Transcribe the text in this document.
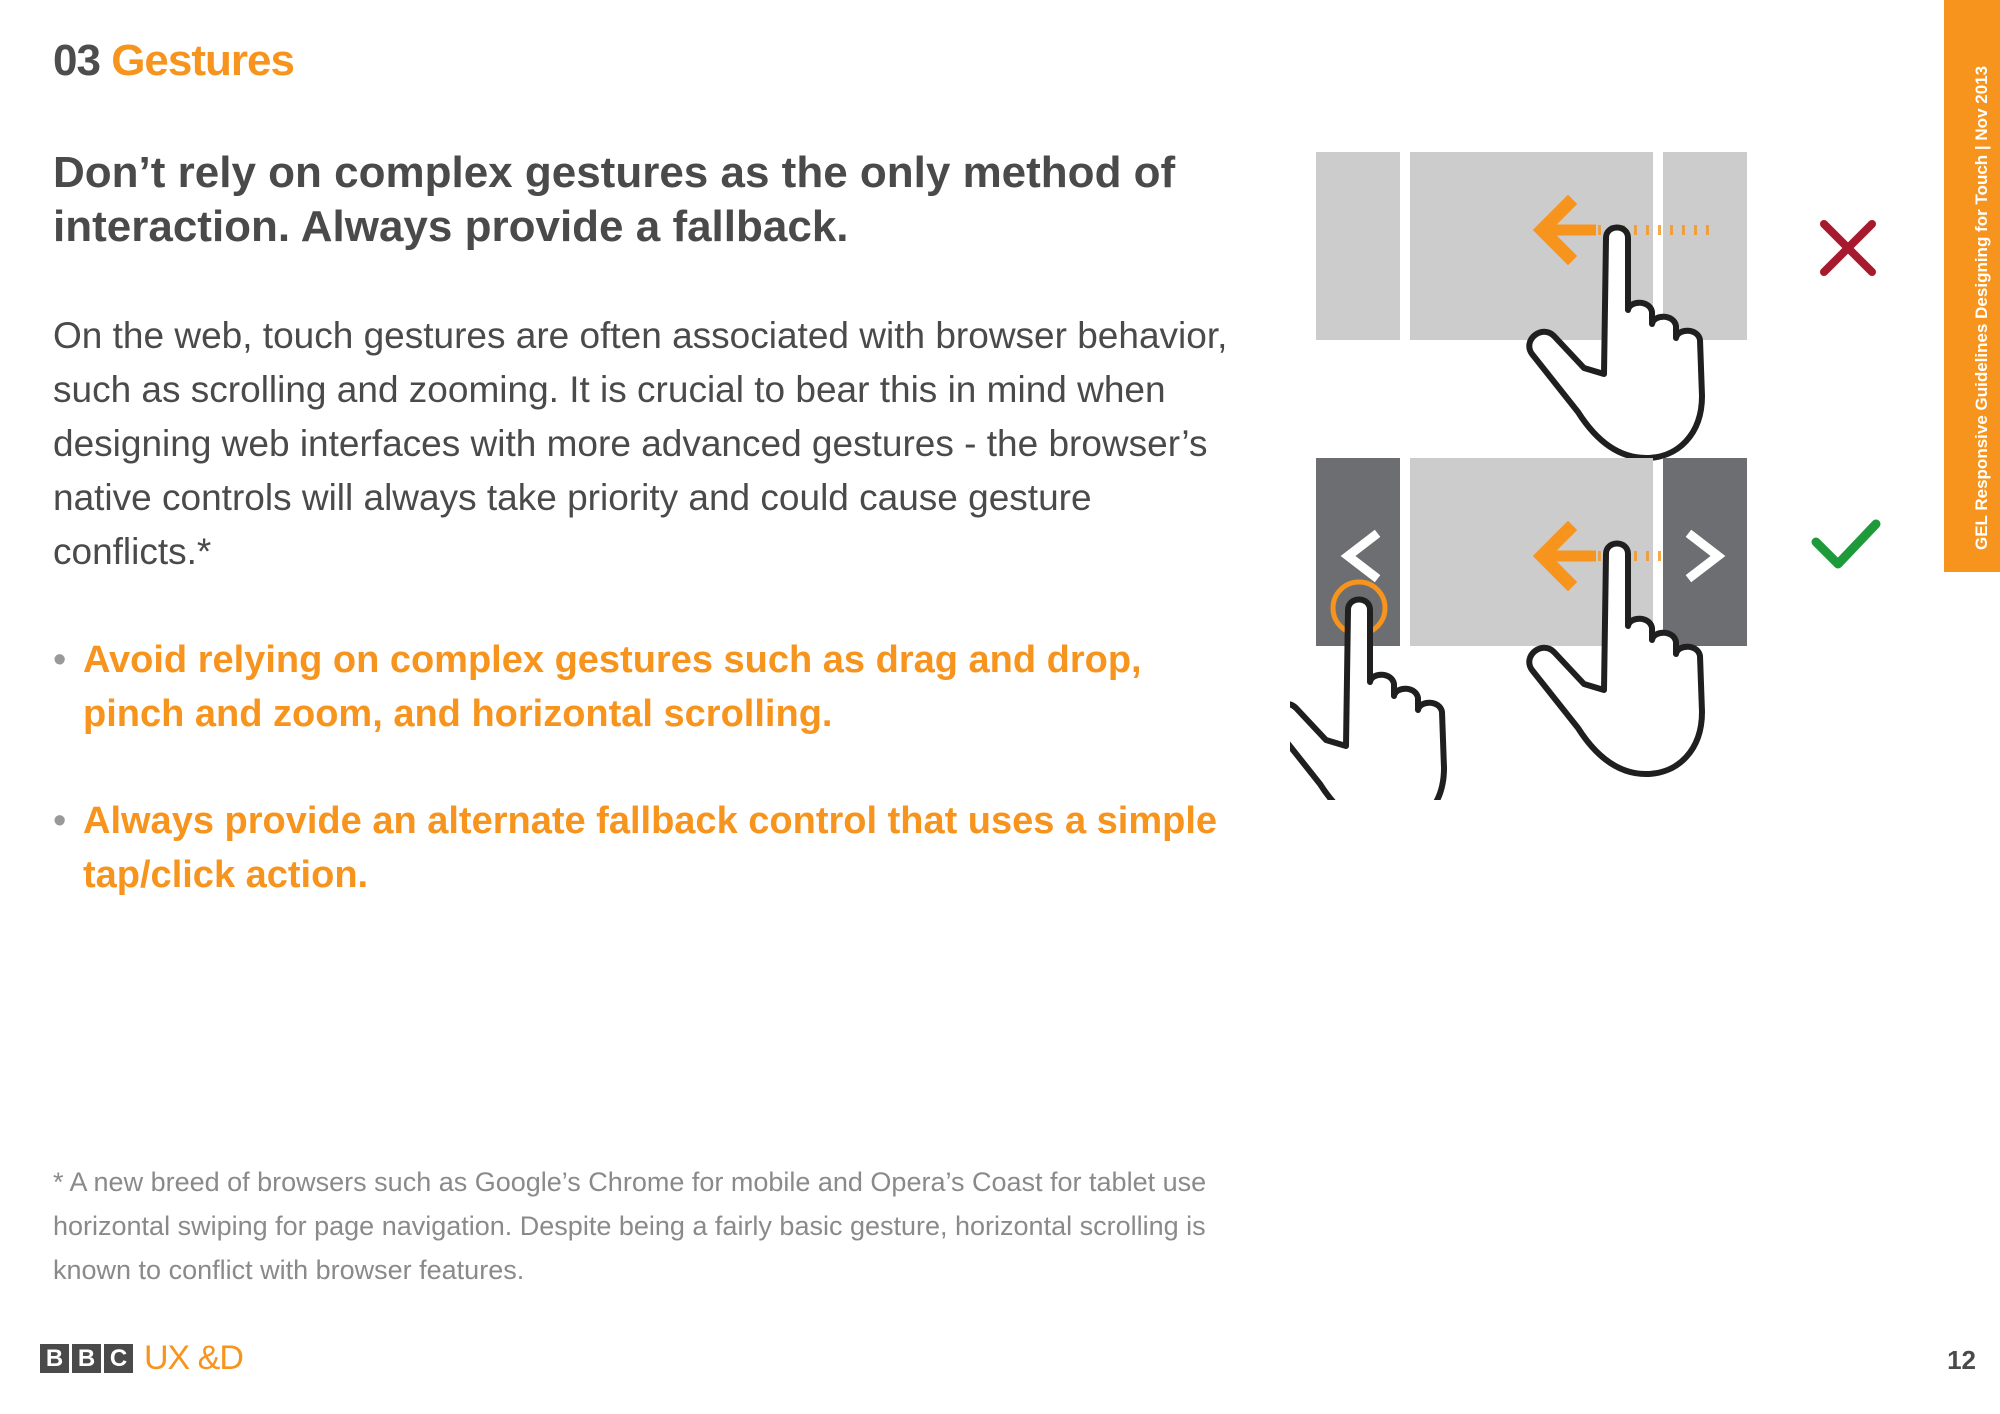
03 Gestures
Don’t rely on complex gestures as the only method of interaction. Always provide a fallback.

On the web, touch gestures are often associated with browser behavior, such as scrolling and zooming. It is crucial to bear this in mind when designing web interfaces with more advanced gestures - the browser’s native controls will always take priority and could cause gesture conflicts.*

• Avoid relying on complex gestures such as drag and drop, pinch and zoom, and horizontal scrolling.
• Always provide an alternate fallback control that uses a simple tap/click action.

* A new breed of browsers such as Google’s Chrome for mobile and Opera’s Coast for tablet use horizontal swiping for page navigation. Despite being a fairly basic gesture, horizontal scrolling is known to conflict with browser features.

GEL Responsive Guidelines Designing for Touch | Nov 2013
B B C UX &D	12
